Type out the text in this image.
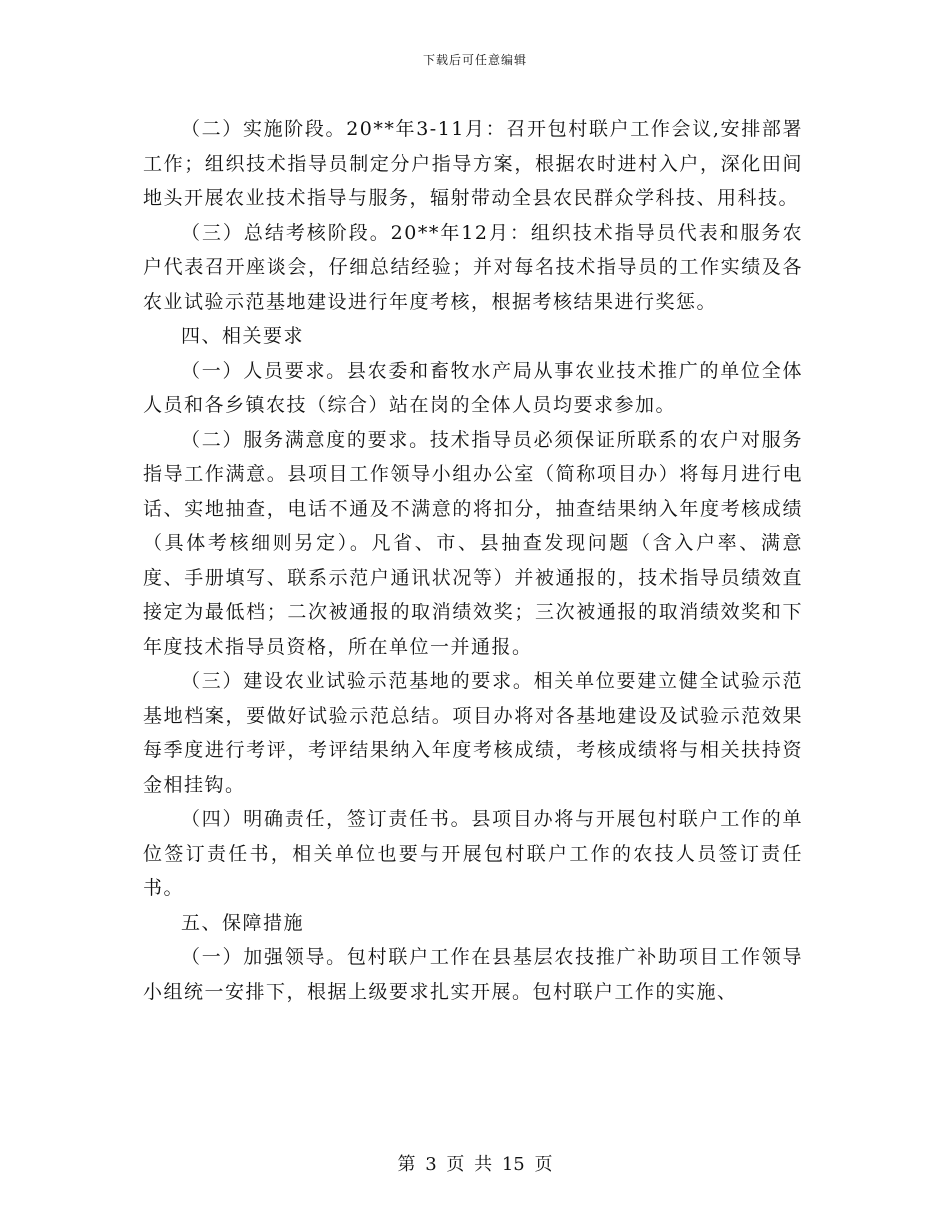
下载后可任意编辑

（二）实施阶段。20**年3-11月：召开包村联户工作会议,安排部署工作；组织技术指导员制定分户指导方案，根据农时进村入户，深化田间地头开展农业技术指导与服务，辐射带动全县农民群众学科技、用科技。

（三）总结考核阶段。20**年12月：组织技术指导员代表和服务农户代表召开座谈会，仔细总结经验；并对每名技术指导员的工作实绩及各农业试验示范基地建设进行年度考核，根据考核结果进行奖惩。

四、相关要求

（一）人员要求。县农委和畜牧水产局从事农业技术推广的单位全体人员和各乡镇农技（综合）站在岗的全体人员均要求参加。

（二）服务满意度的要求。技术指导员必须保证所联系的农户对服务指导工作满意。县项目工作领导小组办公室（简称项目办）将每月进行电话、实地抽查，电话不通及不满意的将扣分，抽查结果纳入年度考核成绩（具体考核细则另定）。凡省、市、县抽查发现问题（含入户率、满意度、手册填写、联系示范户通讯状况等）并被通报的，技术指导员绩效直接定为最低档；二次被通报的取消绩效奖；三次被通报的取消绩效奖和下年度技术指导员资格，所在单位一并通报。

（三）建设农业试验示范基地的要求。相关单位要建立健全试验示范基地档案，要做好试验示范总结。项目办将对各基地建设及试验示范效果每季度进行考评，考评结果纳入年度考核成绩，考核成绩将与相关扶持资金相挂钩。

（四）明确责任，签订责任书。县项目办将与开展包村联户工作的单位签订责任书，相关单位也要与开展包村联户工作的农技人员签订责任书。

五、保障措施

（一）加强领导。包村联户工作在县基层农技推广补助项目工作领导小组统一安排下，根据上级要求扎实开展。包村联户工作的实施、

第 3 页 共 15 页
